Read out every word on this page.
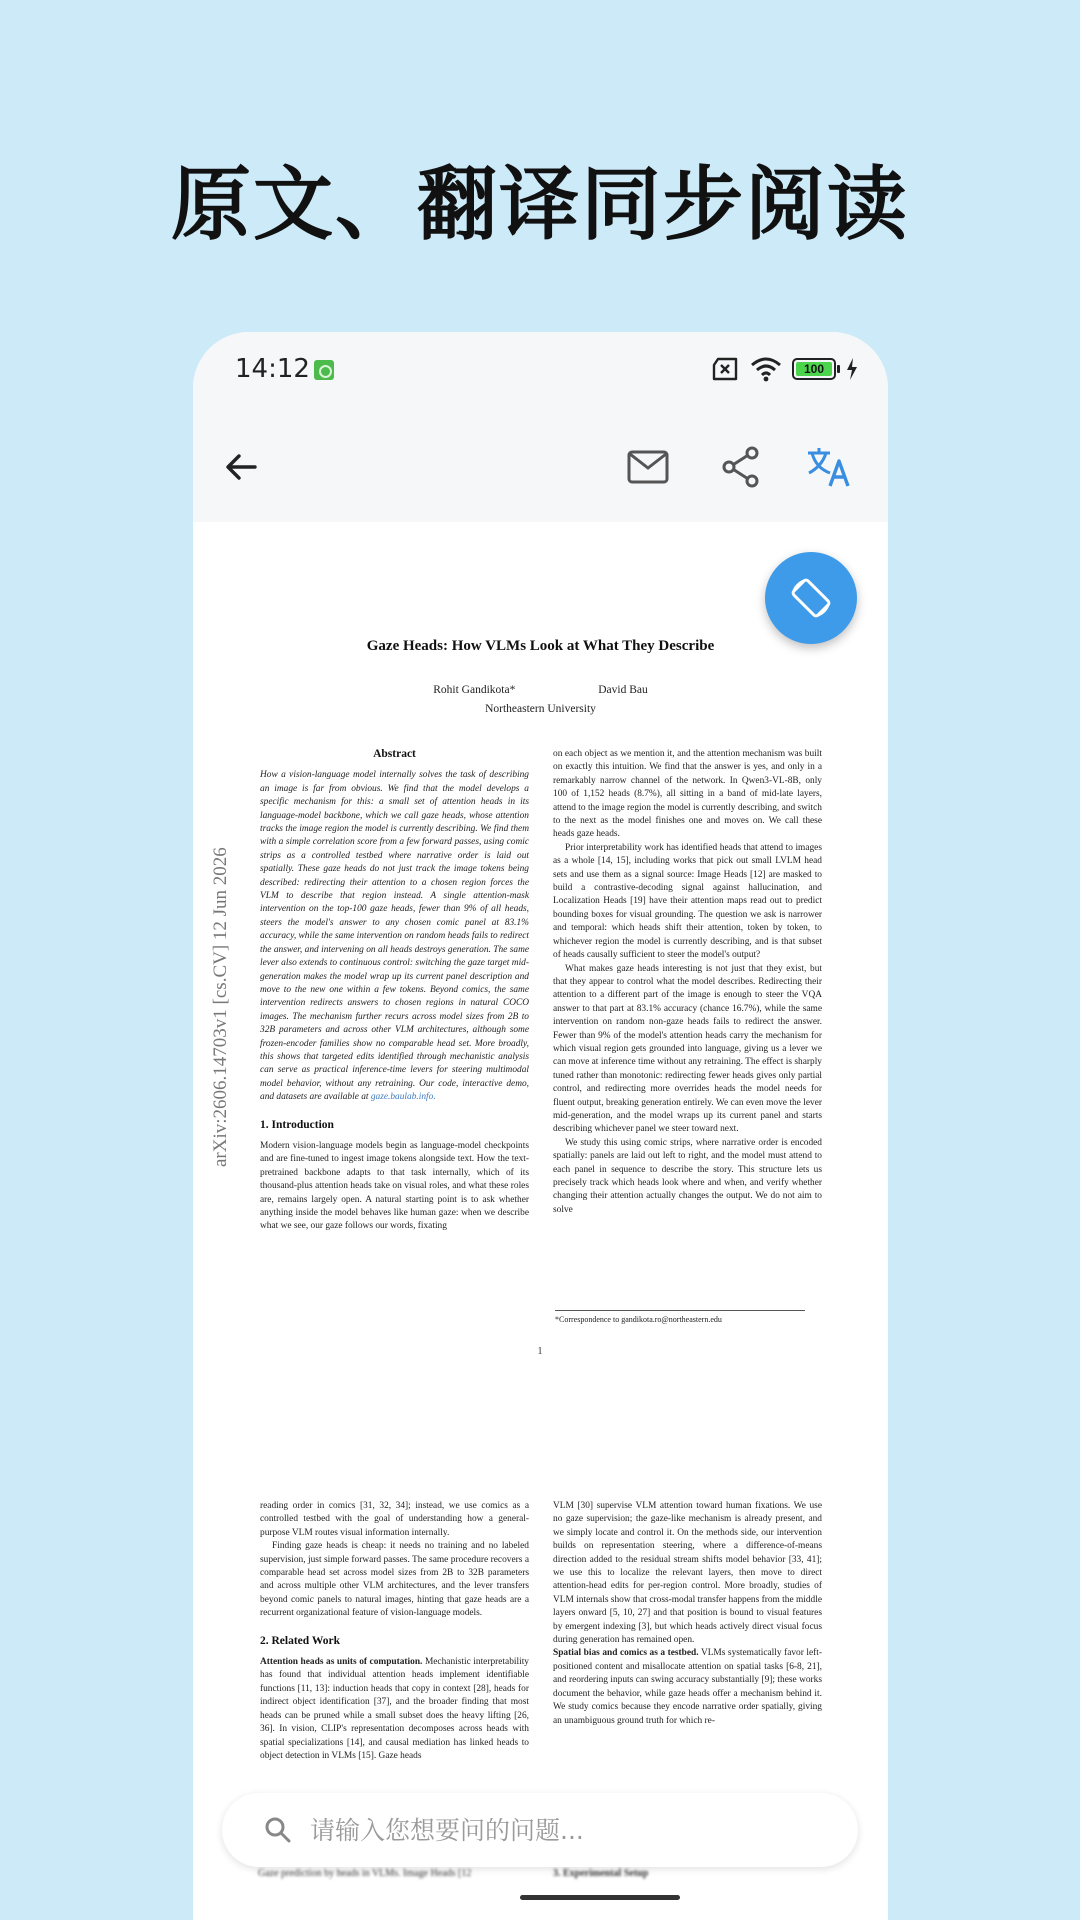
原文、翻译同步阅读
14:12	100
Gaze Heads: How VLMs Look at What They Describe
Rohit Gandikota*	David Bau
Northeastern University
arXiv:2606.14703v1 [cs.CV] 12 Jun 2026
Abstract

How a vision-language model internally solves the task of describing an image is far from obvious. We find that the model develops a specific mechanism for this: a small set of attention heads in its language-model backbone, which we call gaze heads, whose attention tracks the image region the model is currently describing. We find them with a simple correlation score from a few forward passes, using comic strips as a controlled testbed where narrative order is laid out spatially. These gaze heads do not just track the image tokens being described: redirecting their attention to a chosen region forces the VLM to describe that region instead. A single attention-mask intervention on the top-100 gaze heads, fewer than 9% of all heads, steers the model's answer to any chosen comic panel at 83.1% accuracy, while the same intervention on random heads fails to redirect the answer, and intervening on all heads destroys generation. The same lever also extends to continuous control: switching the gaze target mid-generation makes the model wrap up its current panel description and move to the new one within a few tokens. Beyond comics, the same intervention redirects answers to chosen regions in natural COCO images. The mechanism further recurs across model sizes from 2B to 32B parameters and across other VLM architectures, although some frozen-encoder families show no comparable head set. More broadly, this shows that targeted edits identified through mechanistic analysis can serve as practical inference-time levers for steering multimodal model behavior, without any retraining. Our code, interactive demo, and datasets are available at gaze.baulab.info.

1. Introduction

Modern vision-language models begin as language-model checkpoints and are fine-tuned to ingest image tokens alongside text. How the text-pretrained backbone adapts to that task internally, which of its thousand-plus attention heads take on visual roles, and what these roles are, remains largely open. A natural starting point is to ask whether anything inside the model behaves like human gaze: when we describe what we see, our gaze follows our words, fixating

on each object as we mention it, and the attention mechanism was built on exactly this intuition. We find that the answer is yes, and only in a remarkably narrow channel of the network. In Qwen3-VL-8B, only 100 of 1,152 heads (8.7%), all sitting in a band of mid-late layers, attend to the image region the model is currently describing, and switch to the next as the model finishes one and moves on. We call these heads gaze heads.

Prior interpretability work has identified heads that attend to images as a whole [14, 15], including works that pick out small LVLM head sets and use them as a signal source: Image Heads [12] are masked to build a contrastive-decoding signal against hallucination, and Localization Heads [19] have their attention maps read out to predict bounding boxes for visual grounding. The question we ask is narrower and temporal: which heads shift their attention, token by token, to whichever region the model is currently describing, and is that subset of heads causally sufficient to steer the model's output?

What makes gaze heads interesting is not just that they exist, but that they appear to control what the model describes. Redirecting their attention to a different part of the image is enough to steer the VQA answer to that part at 83.1% accuracy (chance 16.7%), while the same intervention on random non-gaze heads fails to redirect the answer. Fewer than 9% of the model's attention heads carry the mechanism for which visual region gets grounded into language, giving us a lever we can move at inference time without any retraining. The effect is sharply tuned rather than monotonic: redirecting fewer heads gives only partial control, and redirecting more overrides heads the model needs for fluent output, breaking generation entirely. We can even move the lever mid-generation, and the model wraps up its current panel and starts describing whichever panel we steer toward next.

We study this using comic strips, where narrative order is encoded spatially: panels are laid out left to right, and the model must attend to each panel in sequence to describe the story. This structure lets us precisely track which heads look where and when, and verify whether changing their attention actually changes the output. We do not aim to solve

*Correspondence to gandikota.ro@northeastern.edu
1

reading order in comics [31, 32, 34]; instead, we use comics as a controlled testbed with the goal of understanding how a general-purpose VLM routes visual information internally.

Finding gaze heads is cheap: it needs no training and no labeled supervision, just simple forward passes. The same procedure recovers a comparable head set across model sizes from 2B to 32B parameters and across multiple other VLM architectures, and the lever transfers beyond comic panels to natural images, hinting that gaze heads are a recurrent organizational feature of vision-language models.

2. Related Work

Attention heads as units of computation. Mechanistic interpretability has found that individual attention heads implement identifiable functions [11, 13]: induction heads that copy in context [28], heads for indirect object identification [37], and the broader finding that most heads can be pruned while a small subset does the heavy lifting [26, 36]. In vision, CLIP's representation decomposes across heads with spatial specializations [14], and causal mediation has linked heads to object detection in VLMs [15]. Gaze heads

VLM [30] supervise VLM attention toward human fixations. We use no gaze supervision; the gaze-like mechanism is already present, and we simply locate and control it. On the methods side, our intervention builds on representation steering, where a difference-of-means direction added to the residual stream shifts model behavior [33, 41]; we use this to localize the relevant layers, then move to direct attention-head edits for per-region control. More broadly, studies of VLM internals show that cross-modal transfer happens from the middle layers onward [5, 10, 27] and that position is bound to visual features by emergent indexing [3], but which heads actively direct visual focus during generation has remained open.

Spatial bias and comics as a testbed. VLMs systematically favor left-positioned content and misallocate attention on spatial tasks [6-8, 21], and reordering inputs can swing accuracy substantially [9]; these works document the behavior, while gaze heads offer a mechanism behind it. We study comics because they encode narrative order spatially, giving an unambiguous ground truth for which re-

请输入您想要问的问题...
Gaze prediction by heads in VLMs. Image Heads [12	3. Experimental Setup
